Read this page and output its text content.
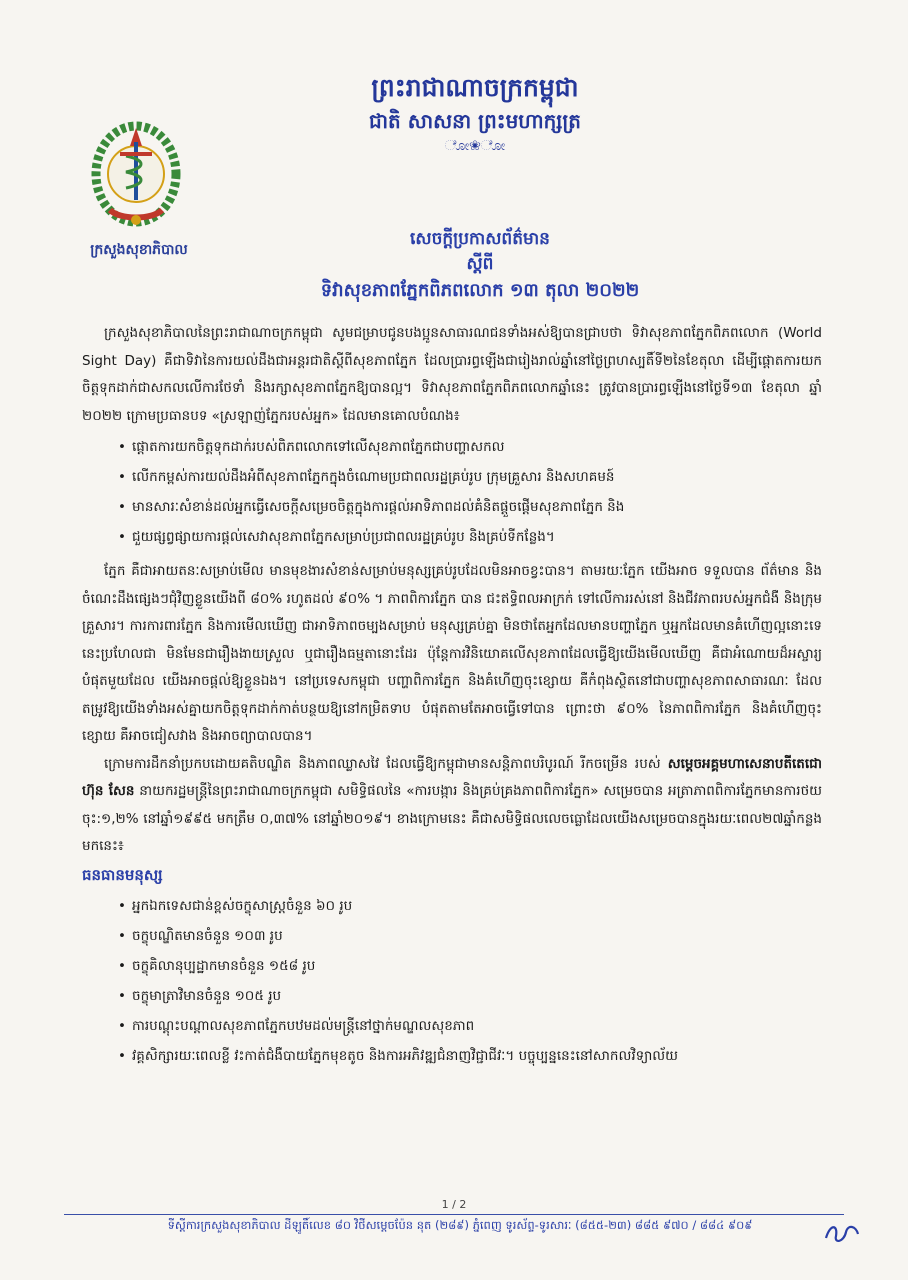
ក្រសួងសុខាភិបាល
ព្រះរាជាណាចក្រកម្ពុជា
ជាតិ សាសនា ព្រះមហាក្សត្រ
ೋ❀ೋ
សេចក្ដីប្រកាសព័ត៌មាន
ស្ដីពី
ទិវាសុខភាពភ្នែកពិភពលោក ១៣ តុលា ២០២២

ក្រសួងសុខាភិបាលនៃព្រះរាជាណាចក្រកម្ពុជា សូមជម្រាបជូនបងប្អូនសាធារណជនទាំងអស់ឱ្យបានជ្រាបថា ទិវាសុខភាពភ្នែកពិភពលោក (World Sight Day) គឺជាទិវានៃការយល់ដឹងជាអន្តរជាតិស្ដីពីសុខភាពភ្នែក ដែលប្រារព្ធឡើងជារៀងរាល់ឆ្នាំនៅថ្ងៃព្រហស្បតិ៍ទី២នៃខែតុលា ដើម្បីផ្ដោតការយកចិត្តទុកដាក់ជាសកលលើការថែទាំ និងរក្សាសុខភាពភ្នែកឱ្យបានល្អ។ ទិវាសុខភាពភ្នែកពិភពលោកឆ្នាំនេះ ត្រូវបានប្រារព្ធឡើងនៅថ្ងៃទី១៣ ខែតុលា ឆ្នាំ ២០២២ ក្រោមប្រធានបទ «ស្រឡាញ់ភ្នែករបស់អ្នក» ដែលមានគោលបំណង៖

• ផ្ដោតការយកចិត្តទុកដាក់របស់ពិភពលោកទៅលើសុខភាពភ្នែកជាបញ្ហាសកល
• លើកកម្ពស់ការយល់ដឹងអំពីសុខភាពភ្នែកក្នុងចំណោមប្រជាពលរដ្ឋគ្រប់រូប ក្រុមគ្រួសារ និងសហគមន៍
• មានសារៈសំខាន់ដល់អ្នកធ្វើសេចក្ដីសម្រេចចិត្តក្នុងការផ្ដល់អាទិភាពដល់គំនិតផ្ដួចផ្ដើមសុខភាពភ្នែក និង
• ជួយផ្សព្វផ្សាយការផ្ដល់សេវាសុខភាពភ្នែកសម្រាប់ប្រជាពលរដ្ឋគ្រប់រូប និងគ្រប់ទីកន្លែង។

ភ្នែក គឺជាអាយតនៈសម្រាប់មើល មានមុខងារសំខាន់សម្រាប់មនុស្សគ្រប់រូបដែលមិនអាចខ្វះបាន។ តាមរយៈភ្នែក យើងអាច ទទួលបាន ព័ត៌មាន និងចំណេះដឹងផ្សេងៗជុំវិញខ្លួនយើងពី ៨០% រហូតដល់ ៩០% ។ ភាពពិការភ្នែក បាន ជះឥទ្ធិពលអាក្រក់ ទៅលើការរស់នៅ និងជីវភាពរបស់អ្នកជំងឺ និងក្រុមគ្រួសារ។ ការការពារភ្នែក និងការមើលឃើញ ជាអាទិភាពចម្បងសម្រាប់ មនុស្សគ្រប់គ្នា មិនថាតែអ្នកដែលមានបញ្ហាភ្នែក ឬអ្នកដែលមានគំហើញល្អនោះទេ នេះប្រហែលជា មិនមែនជារឿងងាយស្រួល ឬជារឿងធម្មតានោះដែរ ប៉ុន្តែការវិនិយោគលើសុខភាពដែលធ្វើឱ្យយើងមើលឃើញ គឺជាអំណោយដ៏អស្ចារ្យបំផុតមួយដែល យើងអាចផ្ដល់ឱ្យខ្លួនឯង។ នៅប្រទេសកម្ពុជា បញ្ហាពិការភ្នែក និងគំហើញចុះខ្សោយ គឺកំពុងស្ថិតនៅជាបញ្ហាសុខភាពសាធារណៈ ដែលតម្រូវឱ្យយើងទាំងអស់គ្នាយកចិត្តទុកដាក់កាត់បន្ថយឱ្យនៅកម្រិតទាប បំផុតតាមតែអាចធ្វើទៅបាន ព្រោះថា ៩០% នៃភាពពិការភ្នែក និងគំហើញចុះខ្សោយ គឺអាចជៀសវាង និងអាចព្យាបាលបាន។

ក្រោមការដឹកនាំប្រកបដោយគតិបណ្ឌិត និងភាពឈ្លាសវៃ ដែលធ្វើឱ្យកម្ពុជាមានសន្តិភាពបរិបូរណ៍ រីកចម្រើន របស់ សម្ដេចអគ្គមហាសេនាបតីតេជោ ហ៊ុន សែន នាយករដ្ឋមន្ត្រីនៃព្រះរាជាណាចក្រកម្ពុជា សមិទ្ធិផលនៃ «ការបង្ការ និងគ្រប់គ្រងភាពពិការភ្នែក» សម្រេចបាន អត្រាភាពពិការភ្នែកមានការថយចុះ:១,២% នៅឆ្នាំ១៩៩៥ មកត្រឹម ០,៣៧% នៅឆ្នាំ២០១៩។ ខាងក្រោមនេះ គឺជាសមិទ្ធិផលលេចធ្លោដែលយើងសម្រេចបានក្នុងរយៈពេល២៧ឆ្នាំកន្លងមកនេះ៖

ធនធានមនុស្ស
• អ្នកឯកទេសជាន់ខ្ពស់ចក្ខុសាស្ត្រចំនួន ៦០ រូប
• ចក្ខុបណ្ឌិតមានចំនួន ១០៣ រូប
• ចក្ខុគិលានុប្បដ្ឋាកមានចំនួន ១៥៨ រូប
• ចក្ខុមាត្រាវិមានចំនួន ១០៥ រូប
• ការបណ្ដុះបណ្ដាលសុខភាពភ្នែកបឋមដល់មន្ត្រីនៅថ្នាក់មណ្ឌលសុខភាព
• វគ្គសិក្សារយៈពេលខ្លី វះកាត់ជំងឺបាយភ្នែកមុខតូច និងការអភិវឌ្ឍជំនាញវិជ្ជាជីវៈ។ បច្ចុប្បន្ននេះនៅសាកលវិទ្យាល័យ
1 / 2
ទីស្ដីការក្រសួងសុខាភិបាល ដីឡូតិ៍លេខ ៨០ វិថីសម្ដេចប៉ែន នុត (២៨៩) ភ្នំពេញ ទូរស័ព្ទ-ទូរសារៈ (៨៥៥-២៣) ៨៨៥ ៩៧០ / ៨៨៤ ៩០៩
